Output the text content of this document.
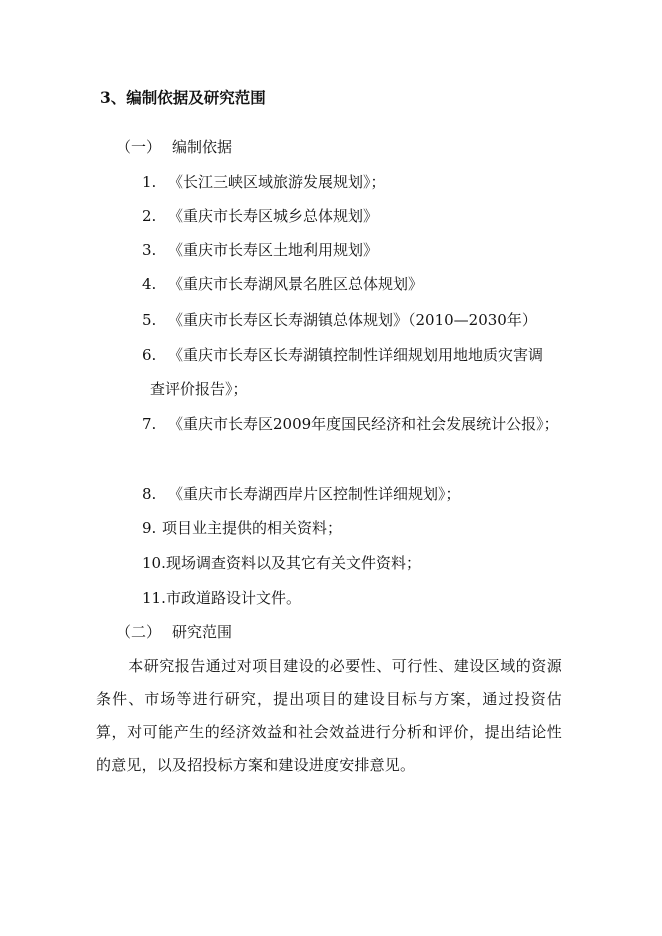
3、编制依据及研究范围
（一） 编制依据
1. 《长江三峡区域旅游发展规划》；
2. 《重庆市长寿区城乡总体规划》
3. 《重庆市长寿区土地利用规划》
4. 《重庆市长寿湖风景名胜区总体规划》
5. 《重庆市长寿区长寿湖镇总体规划》（2010—2030年）
6. 《重庆市长寿区长寿湖镇控制性详细规划用地地质灾害调
查评价报告》；
7. 《重庆市长寿区2009年度国民经济和社会发展统计公报》；
8. 《重庆市长寿湖西岸片区控制性详细规划》；
9. 项目业主提供的相关资料；
10.现场调查资料以及其它有关文件资料；
11.市政道路设计文件。
（二） 研究范围
本研究报告通过对项目建设的必要性、可行性、建设区域的资源条件、市场等进行研究，提出项目的建设目标与方案，通过投资估算，对可能产生的经济效益和社会效益进行分析和评价，提出结论性的意见，以及招投标方案和建设进度安排意见。
